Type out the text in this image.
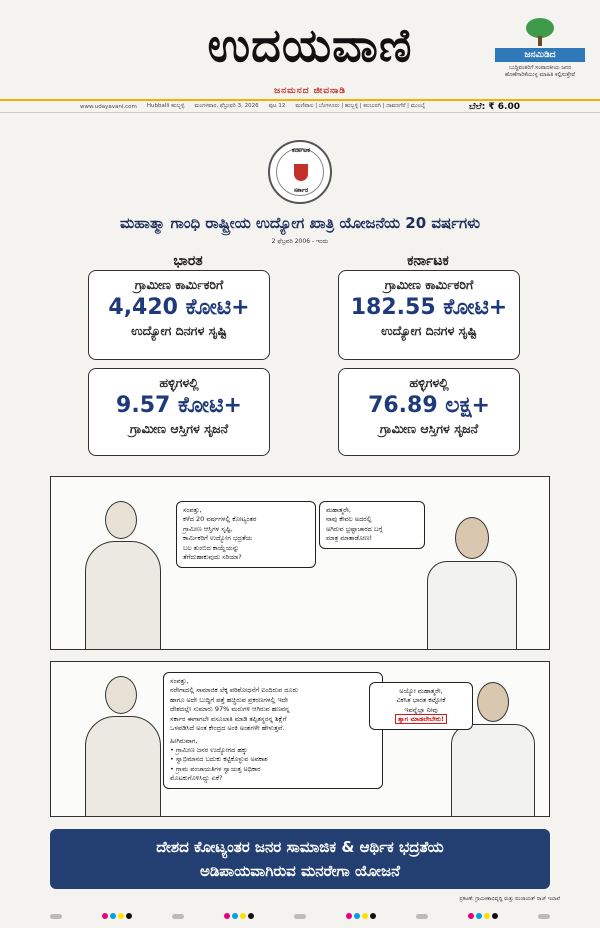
ಉದಯವಾಣಿ
ಜನಮನದ ಜೀವನಾಡಿ
ಜನಮಿಡಿದ
ಬುದ್ಧಿವಂತರಿಗೆ ಸಂಪಾದಕೀಯ ಜನರ ಹೊಣೆಗಾರಿಕೆಯುಳ್ಳ ಮಾಹಿತಿ ಕಲ್ಪಿಸುತ್ತೇವೆ
www.udayavani.com Hubballi ಹುಬ್ಬಳ್ಳಿ ಮಂಗಳವಾರ, ಫೆಬ್ರುವರಿ 3, 2026 ಪುಟ 12 ಮಣಿಪಾಲ | ಬೆಂಗಳೂರು | ಹುಬ್ಬಳ್ಳಿ | ಕಲಬುರಗಿ | ದಾವಣಗೆರೆ | ಮುಂಬೈ	ಬೆಲೆ: ₹ 6.00
ಕರ್ನಾಟಕ
ಸರ್ಕಾರ
ಮಹಾತ್ಮಾ ಗಾಂಧಿ ರಾಷ್ಟ್ರೀಯ ಉದ್ಯೋಗ ಖಾತ್ರಿ ಯೋಜನೆಯ 20 ವರ್ಷಗಳು
2 ಫೆಬ್ರವರಿ 2006 - ಇಂದು
ಭಾರತ	ಕರ್ನಾಟಕ
ಗ್ರಾಮೀಣ ಕಾರ್ಮಿಕರಿಗೆ
4,420 ಕೋಟಿ+
ಉದ್ಯೋಗ ದಿನಗಳ ಸೃಷ್ಟಿ
ಗ್ರಾಮೀಣ ಕಾರ್ಮಿಕರಿಗೆ
182.55 ಕೋಟಿ+
ಉದ್ಯೋಗ ದಿನಗಳ ಸೃಷ್ಟಿ
ಹಳ್ಳಿಗಳಲ್ಲಿ
9.57 ಕೋಟಿ+
ಗ್ರಾಮೀಣ ಆಸ್ತಿಗಳ ಸೃಜನೆ
ಹಳ್ಳಿಗಳಲ್ಲಿ
76.89 ಲಕ್ಷ+
ಗ್ರಾಮೀಣ ಆಸ್ತಿಗಳ ಸೃಜನೆ
ಸಂಪತ್ತು,
ಕಳೆದ 20 ವರ್ಷಗಳಲ್ಲಿ ಕೋಟ್ಯಂತರ
ಗ್ರಾಮೀಣ ಆಸ್ತಿಗಳ ಸೃಷ್ಟಿ,
ಕಾರ್ಮಿಕರಿಗೆ ಉದ್ಯೋಗ ಭದ್ರತೆಯ
ಬಲ ತುಂಬಿದ ಕಾಯ್ದೆಯನ್ನು
ತೆಗೆದುಹಾಕುವುದು ಸರಿಯಾ?
ಮಹಾತ್ಮರೇ,
ನಾವು ಕೇವಲ ಅದರಲ್ಲಿ
ಅಗಿರುವ ಭ್ರಷ್ಟಾಚಾರದ ಬಗ್ಗೆ
ಮಾತ್ರ ಮಾತಾಡೋಣ!
ಸಂಪತ್ತು,
ನರೇಗಾದಲ್ಲಿ ಸಾಮಾಜಿಕ ಲೆಕ್ಕ ಪರಿಶೋಧನೆಗೆ ಐಂದಿರುವ ದೂರು
ಹಾಗೂ ಅದೇ ಬುದ್ಧಿಗೆ ಪತ್ತೆ ಹಚ್ಚಿರುವ ಪ್ರಕರಣಗಳಲ್ಲಿ ಇದೇ
ದೇಶದಲ್ಲೇ ಸುಮಾರು 97% ಮರುಗಳಿ ಆಗಿರುವ ಹಣವನ್ನ
ಸರ್ಕಾರ ಈಗಾಗಲೇ ವಸೂಲಾತಿ ಮಾಡಿ ತಪ್ಪಿತಸ್ಥರನ್ನ ಶಿಕ್ಷೆಗೆ
ಒಳಪಡಿಸಿದೆ ಅಂತ ಕೇಂದ್ರದ ಅಂಕಿ ಅಂಶಗಳೇ ಹೇಳುತ್ತವೆ.
ಹೀಗಿರುವಾಗ,
• ಗ್ರಾಮೀಣ ಜನರ ಉದ್ಯೋಗದ ಹಕ್ಕು
• ಸ್ವಾಭಿಮಾನದ ಬದುಕು ಕಟ್ಟಿಕೊಳ್ಳುವ ಅವಕಾಶ
• ಗ್ರಾಮ ಪಂಚಾಯತಿಗಳ ಸ್ವಾಯತ್ತ ಅಧಿಕಾರ
ಮೊಟಕುಗೊಳಿಸಿದ್ದು ಏಕೆ?
ಅಯ್ಯೋ ಮಹಾತ್ಮರೇ,
ವಿಕಸಿತ ಭಾರತ ಕಟ್ಟೋಕೆ
ಇವನ್ನೆಲ್ಲಾ ನೀವು
ತ್ಯಾಗ ಮಾಡಲೇಬೇಕು!
ದೇಶದ ಕೋಟ್ಯಂತರ ಜನರ ಸಾಮಾಜಿಕ & ಆರ್ಥಿಕ ಭದ್ರತೆಯ
ಅಡಿಪಾಯವಾಗಿರುವ ಮನರೇಗಾ ಯೋಜನೆ
ಪ್ರಕಟಣೆ: ಗ್ರಾಮೀಣಾಭಿವೃದ್ಧಿ ಮತ್ತು ಪಂಚಾಯತ್ ರಾಜ್ ಇಲಾಖೆ
